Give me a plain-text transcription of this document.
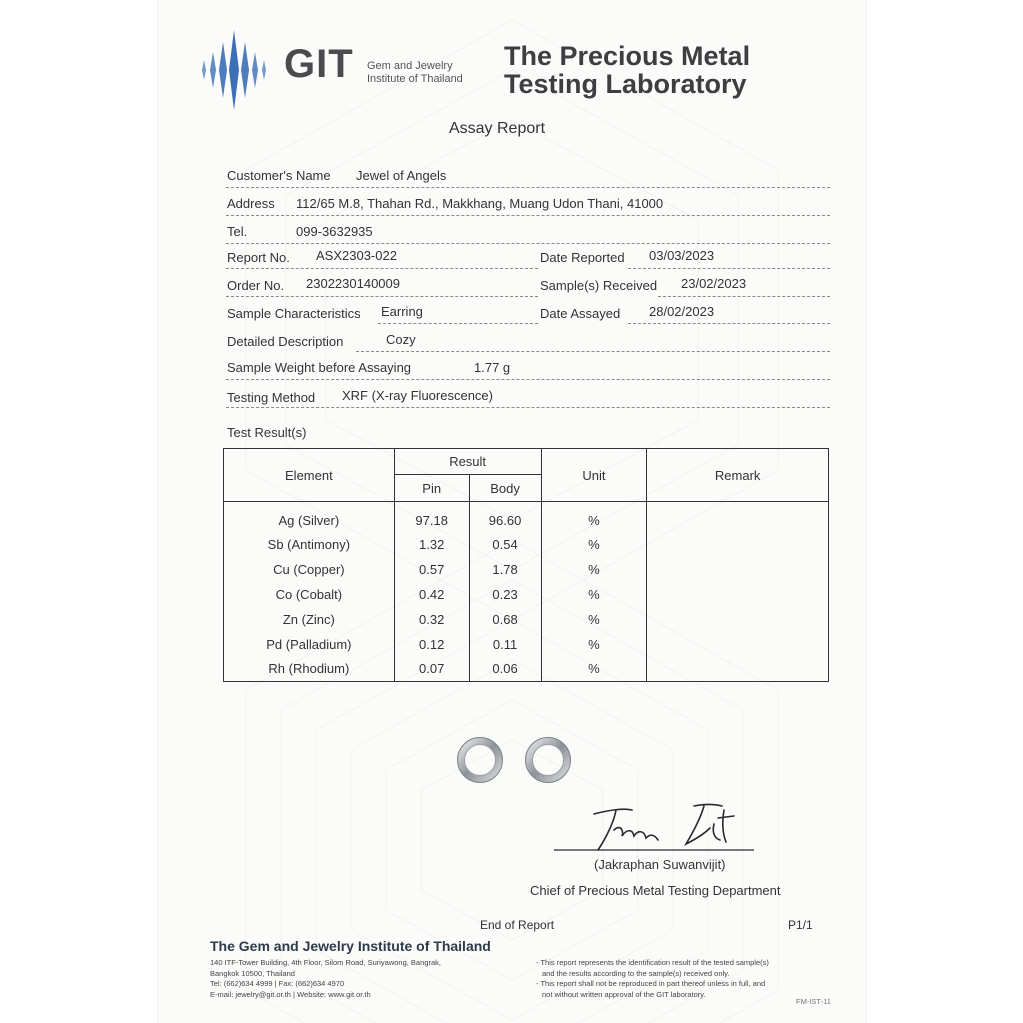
GIT Gem and Jewelry
Institute of Thailand
The Precious Metal
Testing Laboratory
Assay Report
Customer's Name Jewel of Angels
Address 112/65 M.8, Thahan Rd., Makkhang, Muang Udon Thani, 41000
Tel.	099-3632935
Report No. ASX2303-022	Date Reported 03/03/2023
Order No. 2302230140009	Sample(s) Received 23/02/2023
Sample Characteristics Earring	Date Assayed 28/02/2023
Detailed Description	Cozy
Sample Weight before Assaying	1.77 g
Testing Method XRF (X-ray Fluorescence)
Test Result(s)
Element	Result		Unit	Remark
	Pin	Body		
Ag (Silver)	97.18	96.60	%	
Sb (Antimony)	1.32	0.54	%	
Cu (Copper)	0.57	1.78	%	
Co (Cobalt)	0.42	0.23	%	
Zn (Zinc)	0.32	0.68	%	
Pd (Palladium)	0.12	0.11	%	
Rh (Rhodium)	0.07	0.06	%	
(Jakraphan Suwanvijit)
Chief of Precious Metal Testing Department
End of Report	P1/1
The Gem and Jewelry Institute of Thailand
140 ITF-Tower Building, 4th Floor, Silom Road, Suriyawong, Bangrak,
Bangkok 10500, Thailand
Tel: (662)634 4999 | Fax: (662)634 4970
E-mail: jewelry@git.or.th | Website: www.git.or.th
- This report represents the identification result of the tested sample(s)
and the results according to the sample(s) received only.
- This report shall not be reproduced in part thereof unless in full, and
not without written approval of the GIT laboratory.
FM-IST-11
